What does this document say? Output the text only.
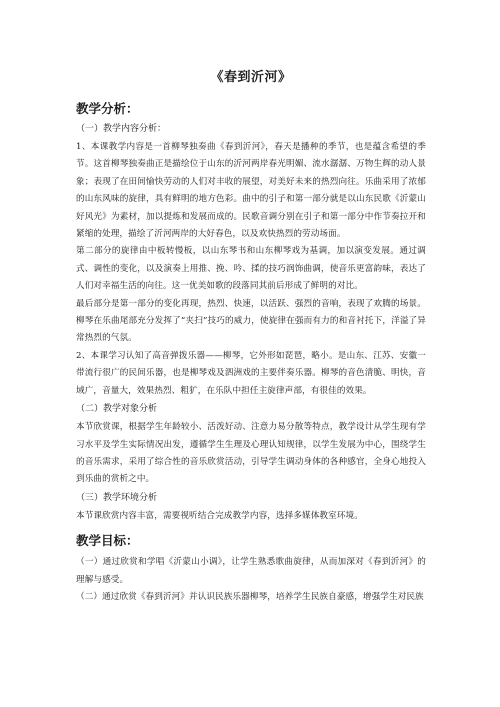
《春到沂河》
教学分析：
（一）教学内容分析：

1、本课教学内容是一首柳琴独奏曲《春到沂河》，春天是播种的季节，也是蕴含希望的季节。这首柳琴独奏曲正是描绘位于山东的沂河两岸春光明媚、流水潺潺、万物生辉的动人景象；表现了在田间愉快劳动的人们对丰收的展望，对美好未来的热烈向往。乐曲采用了浓郁的山东风味的旋律，具有鲜明的地方色彩。曲中的引子和第一部分就是以山东民歌《沂蒙山好风光》为素材，加以提炼和发展而成的。民歌音调分别在引子和第一部分中作节奏拉开和紧缩的处理，描绘了沂河两岸的大好春色，以及欢快热烈的劳动场面。

第二部分的旋律由中板转慢板，以山东琴书和山东柳琴戏为基调，加以演变发展。通过调式、调性的变化，以及演奏上用推、挽、吟、揉的技巧润饰曲调，使音乐更富韵味，表达了人们对幸福生活的向往。这一优美如歌的段落同其前后形成了鲜明的对比。

最后部分是第一部分的变化再现，热烈、快速，以活跃、强烈的音响，表现了欢腾的场景。柳琴在乐曲尾部充分发挥了“夹扫”技巧的威力，使旋律在强而有力的和音衬托下，洋溢了异常热烈的气氛。

2、本课学习认知了高音弹拨乐器——柳琴，它外形如琵琶，略小。是山东、江苏、安徽一带流行很广的民间乐器，也是柳琴戏及泗洲戏的主要伴奏乐器。柳琴的音色清脆、明快，音域广，音量大，效果热烈、粗犷，在乐队中担任主旋律声部，有很佳的效果。

（二）教学对象分析

本节欣赏课，根据学生年龄较小、活泼好动、注意力易分散等特点，教学设计从学生现有学习水平及学生实际情况出发，遵循学生生理及心理认知规律，以学生发展为中心，围绕学生的音乐需求，采用了综合性的音乐欣赏活动，引导学生调动身体的各种感官，全身心地投入到乐曲的赏析之中。

（三）教学环境分析

本节课欣赏内容丰富，需要视听结合完成教学内容，选择多媒体教室环境。

教学目标：

（一）通过欣赏和学唱《沂蒙山小调》，让学生熟悉歌曲旋律，从而加深对《春到沂河》的理解与感受。

（二）通过欣赏《春到沂河》并认识民族乐器柳琴，培养学生民族自豪感，增强学生对民族
